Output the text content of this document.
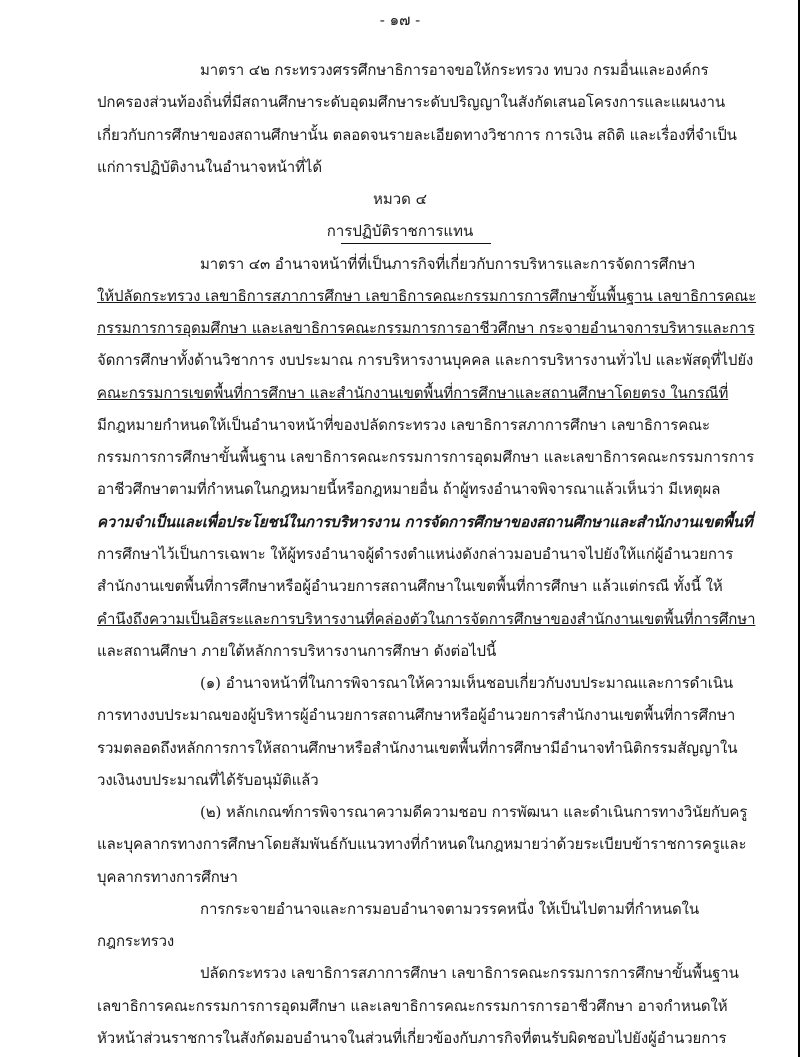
- ๑๗ -
มาตรา ๔๒ กระทรวงศรรศึกษาธิการอาจขอให้กระทรวง ทบวง กรมอื่นและองค์กร
ปกครองส่วนท้องถิ่นที่มีสถานศึกษาระดับอุดมศึกษาระดับปริญญาในสังกัดเสนอโครงการและแผนงาน
เกี่ยวกับการศึกษาของสถานศึกษานั้น ตลอดจนรายละเอียดทางวิชาการ การเงิน สถิติ และเรื่องที่จำเป็น
แก่การปฏิบัติงานในอำนาจหน้าที่ได้
หมวด ๔
การปฏิบัติราชการแทน
มาตรา ๔๓ อำนาจหน้าที่ที่เป็นภารกิจที่เกี่ยวกับการบริหารและการจัดการศึกษา
ให้ปลัดกระทรวง เลขาธิการสภาการศึกษา เลขาธิการคณะกรรมการการศึกษาขั้นพื้นฐาน เลขาธิการคณะ
กรรมการการอุดมศึกษา และเลขาธิการคณะกรรมการการอาชีวศึกษา กระจายอำนาจการบริหารและการ
จัดการศึกษาทั้งด้านวิชาการ งบประมาณ การบริหารงานบุคคล และการบริหารงานทั่วไป และพัสดุที่ไปยัง
คณะกรรมการเขตพื้นที่การศึกษา และสำนักงานเขตพื้นที่การศึกษาและสถานศึกษาโดยตรง ในกรณีที่
มีกฎหมายกำหนดให้เป็นอำนาจหน้าที่ของปลัดกระทรวง เลขาธิการสภาการศึกษา เลขาธิการคณะ
กรรมการการศึกษาขั้นพื้นฐาน เลขาธิการคณะกรรมการการอุดมศึกษา และเลขาธิการคณะกรรมการการ
อาชีวศึกษาตามที่กำหนดในกฎหมายนี้หรือกฎหมายอื่น ถ้าผู้ทรงอำนาจพิจารณาแล้วเห็นว่า มีเหตุผล
ความจำเป็นและเพื่อประโยชน์ในการบริหารงาน การจัดการศึกษาของสถานศึกษาและสำนักงานเขตพื้นที่
การศึกษาไว้เป็นการเฉพาะ ให้ผู้ทรงอำนาจผู้ดำรงตำแหน่งดังกล่าวมอบอำนาจไปยังให้แก่ผู้อำนวยการ
สำนักงานเขตพื้นที่การศึกษาหรือผู้อำนวยการสถานศึกษาในเขตพื้นที่การศึกษา แล้วแต่กรณี ทั้งนี้ ให้
คำนึงถึงความเป็นอิสระและการบริหารงานที่คล่องตัวในการจัดการศึกษาของสำนักงานเขตพื้นที่การศึกษา
และสถานศึกษา ภายใต้หลักการบริหารงานการศึกษา ดังต่อไปนี้
(๑) อำนาจหน้าที่ในการพิจารณาให้ความเห็นชอบเกี่ยวกับงบประมาณและการดำเนิน
การทางงบประมาณของผู้บริหารผู้อำนวยการสถานศึกษาหรือผู้อำนวยการสำนักงานเขตพื้นที่การศึกษา
รวมตลอดถึงหลักการการให้สถานศึกษาหรือสำนักงานเขตพื้นที่การศึกษามีอำนาจทำนิติกรรมสัญญาใน
วงเงินงบประมาณที่ได้รับอนุมัติแล้ว
(๒) หลักเกณฑ์การพิจารณาความดีความชอบ การพัฒนา และดำเนินการทางวินัยกับครู
และบุคลากรทางการศึกษาโดยสัมพันธ์กับแนวทางที่กำหนดในกฎหมายว่าด้วยระเบียบข้าราชการครูและ
บุคลากรทางการศึกษา
การกระจายอำนาจและการมอบอำนาจตามวรรคหนึ่ง ให้เป็นไปตามที่กำหนดใน
กฎกระทรวง
ปลัดกระทรวง เลขาธิการสภาการศึกษา เลขาธิการคณะกรรมการการศึกษาขั้นพื้นฐาน
เลขาธิการคณะกรรมการการอุดมศึกษา และเลขาธิการคณะกรรมการการอาชีวศึกษา อาจกำหนดให้
หัวหน้าส่วนราชการในสังกัดมอบอำนาจในส่วนที่เกี่ยวข้องกับภารกิจที่ตนรับผิดชอบไปยังผู้อำนวยการ
